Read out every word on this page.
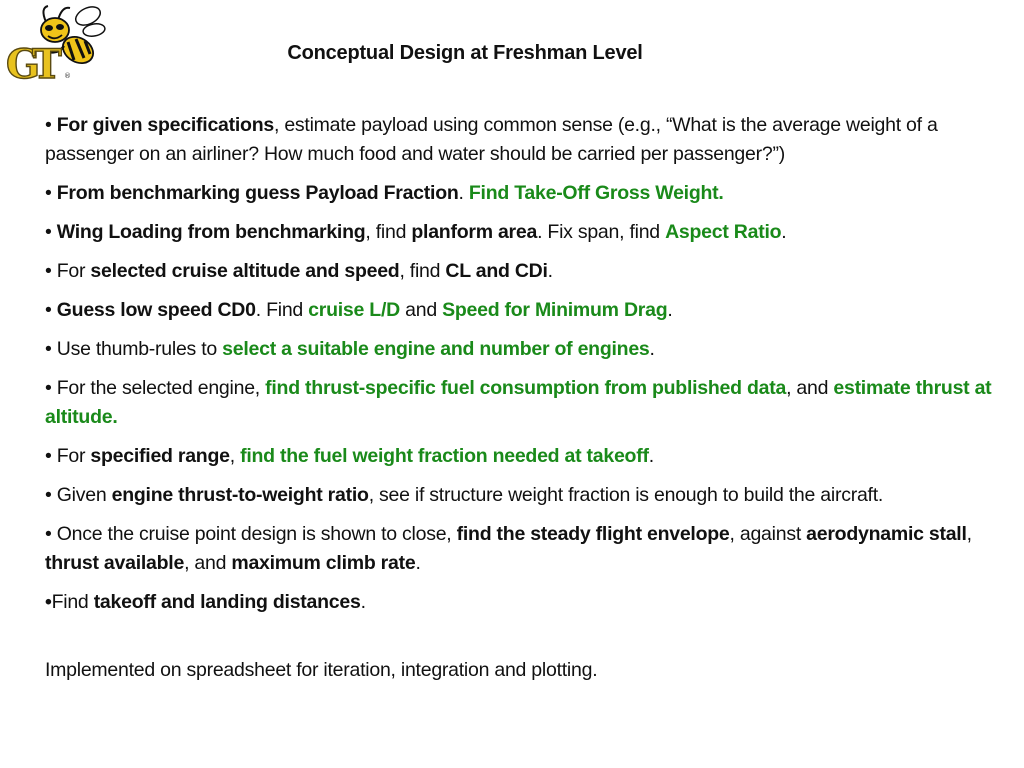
G
T ®
Conceptual Design at Freshman Level
• For given specifications, estimate payload using common sense (e.g., “What is the average weight of a passenger on an airliner? How much food and water should be carried per passenger?”)
• From benchmarking guess Payload Fraction. Find Take-Off Gross Weight.
• Wing Loading from benchmarking, find planform area. Fix span, find Aspect Ratio.
• For selected cruise altitude and speed, find CL and CDi.
• Guess low speed CD0. Find cruise L/D and Speed for Minimum Drag.
• Use thumb-rules to select a suitable engine and number of engines.
• For the selected engine, find thrust-specific fuel consumption from published data, and estimate thrust at altitude.
• For specified range, find the fuel weight fraction needed at takeoff.
• Given engine thrust-to-weight ratio, see if structure weight fraction is enough to build the aircraft.
• Once the cruise point design is shown to close, find the steady flight envelope, against aerodynamic stall, thrust available, and maximum climb rate.
•Find takeoff and landing distances.
Implemented on spreadsheet for iteration, integration and plotting.
